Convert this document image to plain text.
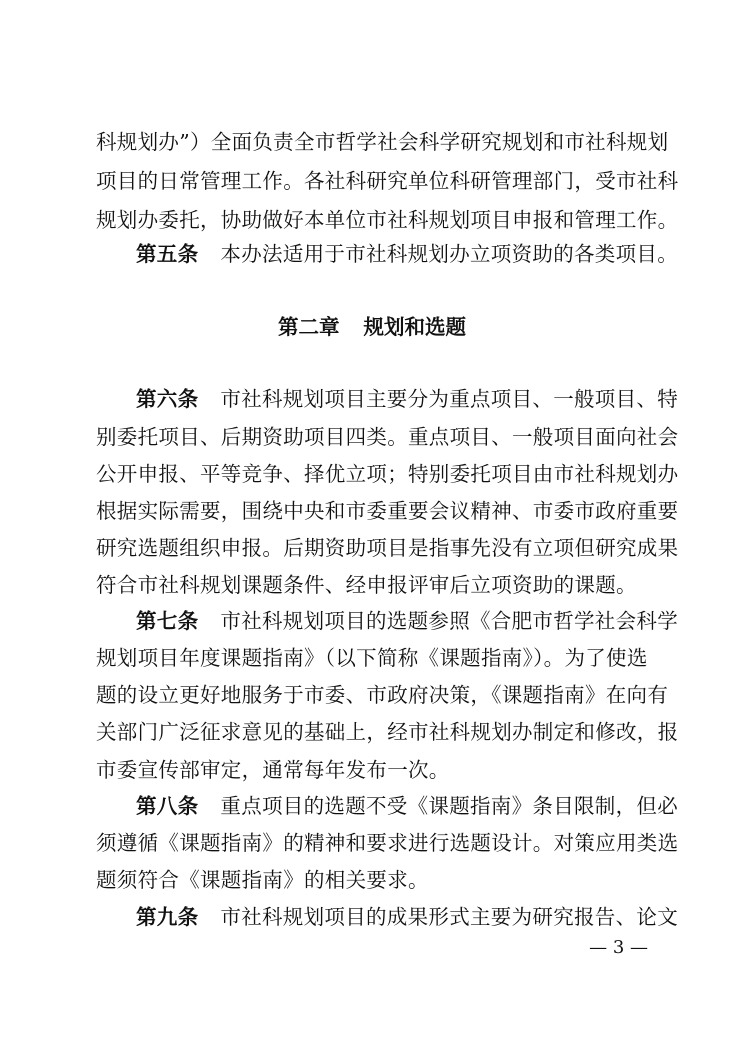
科规划办”）全面负责全市哲学社会科学研究规划和市社科规划
项目的日常管理工作。各社科研究单位科研管理部门，受市社科
规划办委托，协助做好本单位市社科规划项目申报和管理工作。
第五条 本办法适用于市社科规划办立项资助的各类项目。
第二章 规划和选题
第六条 市社科规划项目主要分为重点项目、一般项目、特
别委托项目、后期资助项目四类。重点项目、一般项目面向社会
公开申报、平等竞争、择优立项；特别委托项目由市社科规划办
根据实际需要，围绕中央和市委重要会议精神、市委市政府重要
研究选题组织申报。后期资助项目是指事先没有立项但研究成果
符合市社科规划课题条件、经申报评审后立项资助的课题。
第七条 市社科规划项目的选题参照《合肥市哲学社会科学
规划项目年度课题指南》（以下简称《课题指南》）。为了使选
题的设立更好地服务于市委、市政府决策，《课题指南》在向有
关部门广泛征求意见的基础上，经市社科规划办制定和修改，报
市委宣传部审定，通常每年发布一次。
第八条 重点项目的选题不受《课题指南》条目限制，但必
须遵循《课题指南》的精神和要求进行选题设计。对策应用类选
题须符合《课题指南》的相关要求。
第九条 市社科规划项目的成果形式主要为研究报告、论文
— 3 —
